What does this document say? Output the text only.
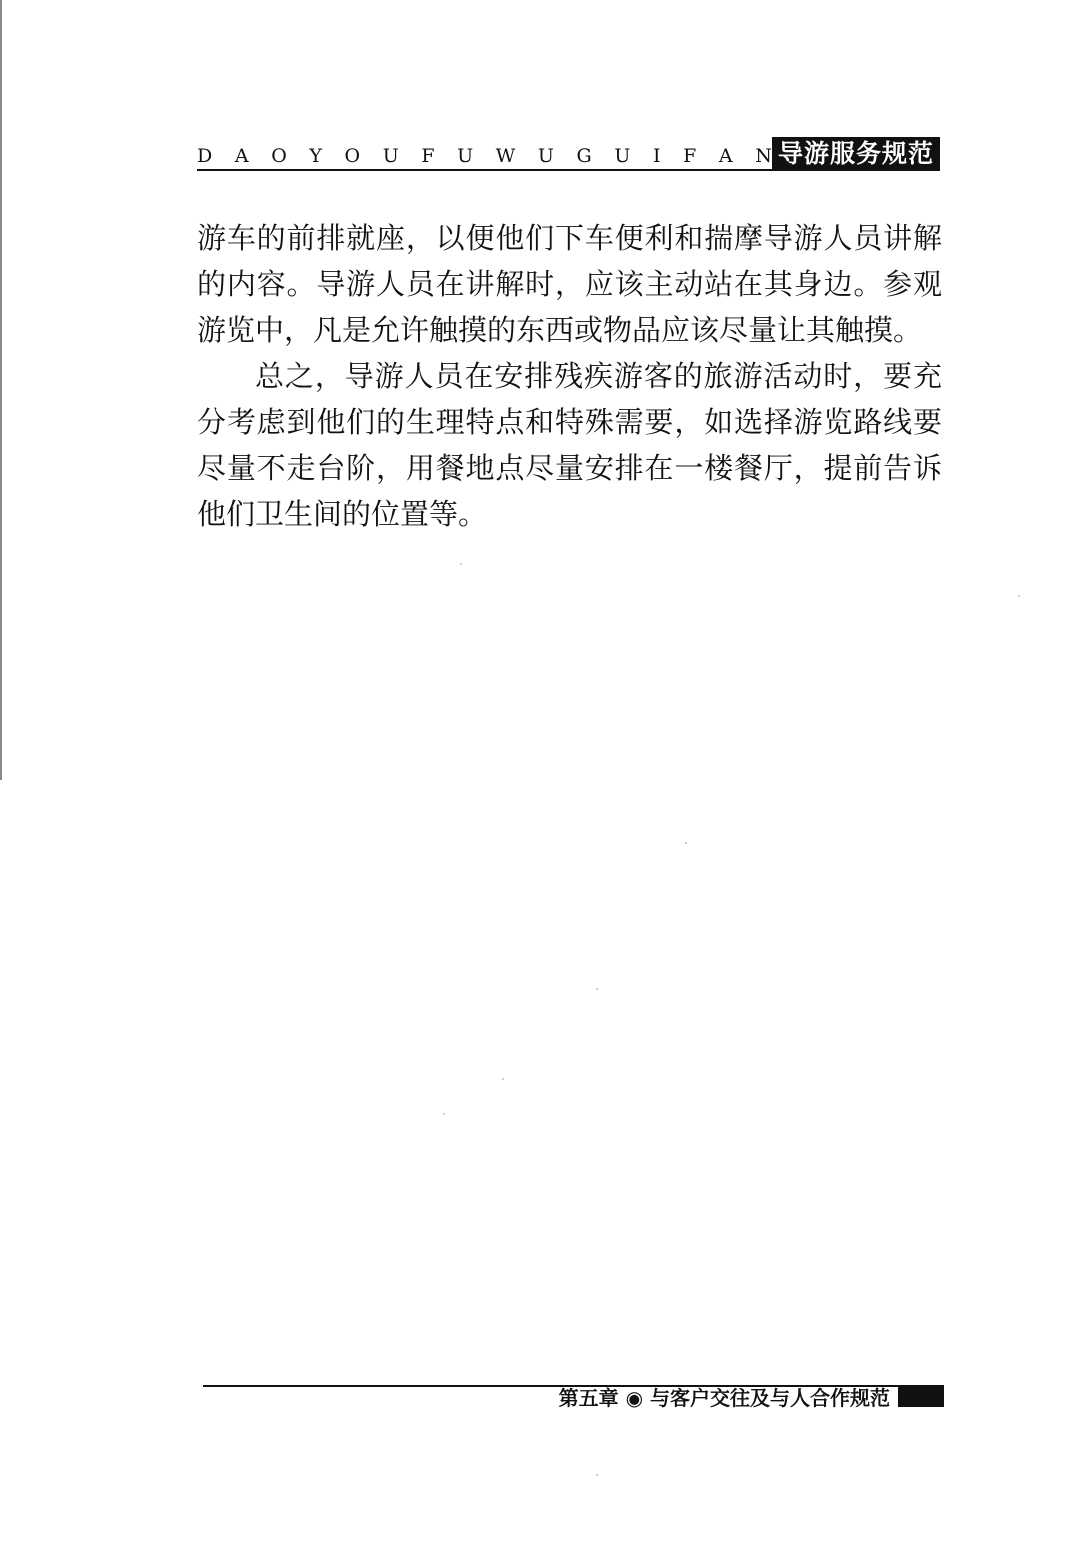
D A O Y O U F U W U G U I F A N 导游服务规范

游车的前排就座，以便他们下车便利和揣摩导游人员讲解的内容。导游人员在讲解时，应该主动站在其身边。参观游览中，凡是允许触摸的东西或物品应该尽量让其触摸。

总之，导游人员在安排残疾游客的旅游活动时，要充分考虑到他们的生理特点和特殊需要，如选择游览路线要尽量不走台阶，用餐地点尽量安排在一楼餐厅，提前告诉他们卫生间的位置等。

第五章 ◉ 与客户交往及与人合作规范
